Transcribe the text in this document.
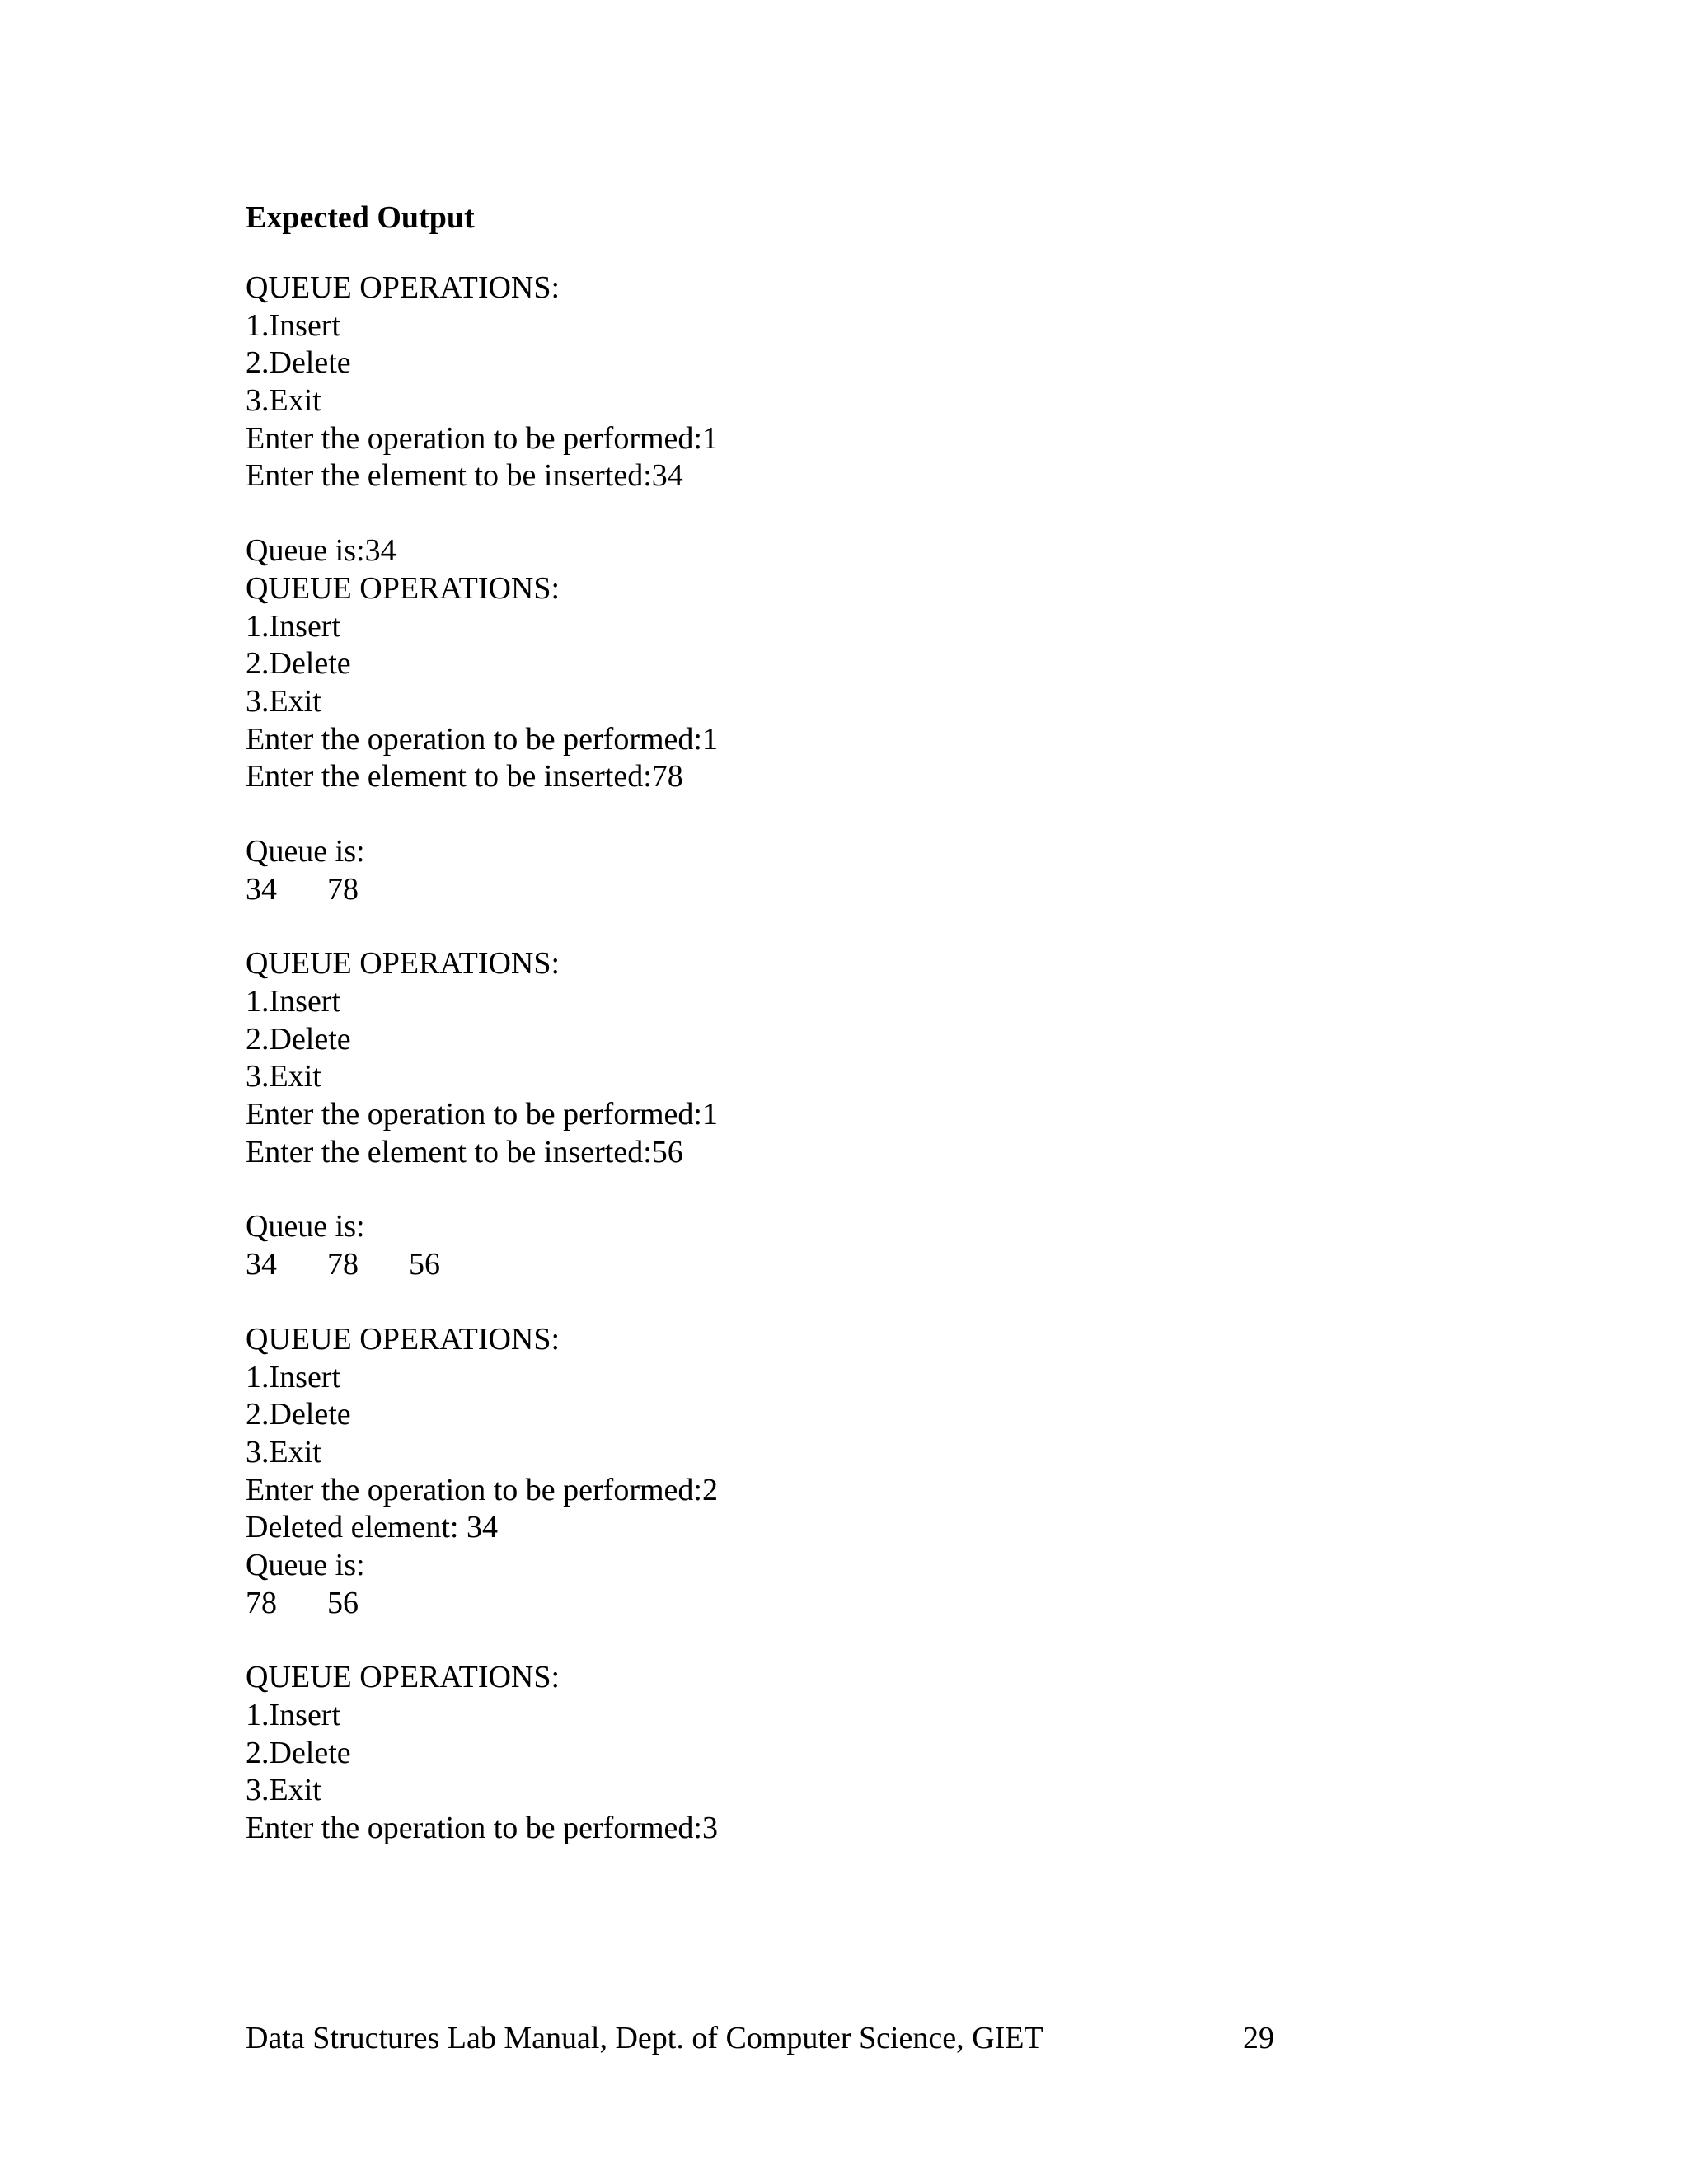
Expected Output
QUEUE OPERATIONS:
1.Insert
2.Delete
3.Exit
Enter the operation to be performed:1
Enter the element to be inserted:34
Queue is:34
QUEUE OPERATIONS:
1.Insert
2.Delete
3.Exit
Enter the operation to be performed:1
Enter the element to be inserted:78
Queue is:
34 78
QUEUE OPERATIONS:
1.Insert
2.Delete
3.Exit
Enter the operation to be performed:1
Enter the element to be inserted:56
Queue is:
34 78 56
QUEUE OPERATIONS:
1.Insert
2.Delete
3.Exit
Enter the operation to be performed:2
Deleted element: 34
Queue is:
78 56
QUEUE OPERATIONS:
1.Insert
2.Delete
3.Exit
Enter the operation to be performed:3
Data Structures Lab Manual, Dept. of Computer Science, GIET	29
